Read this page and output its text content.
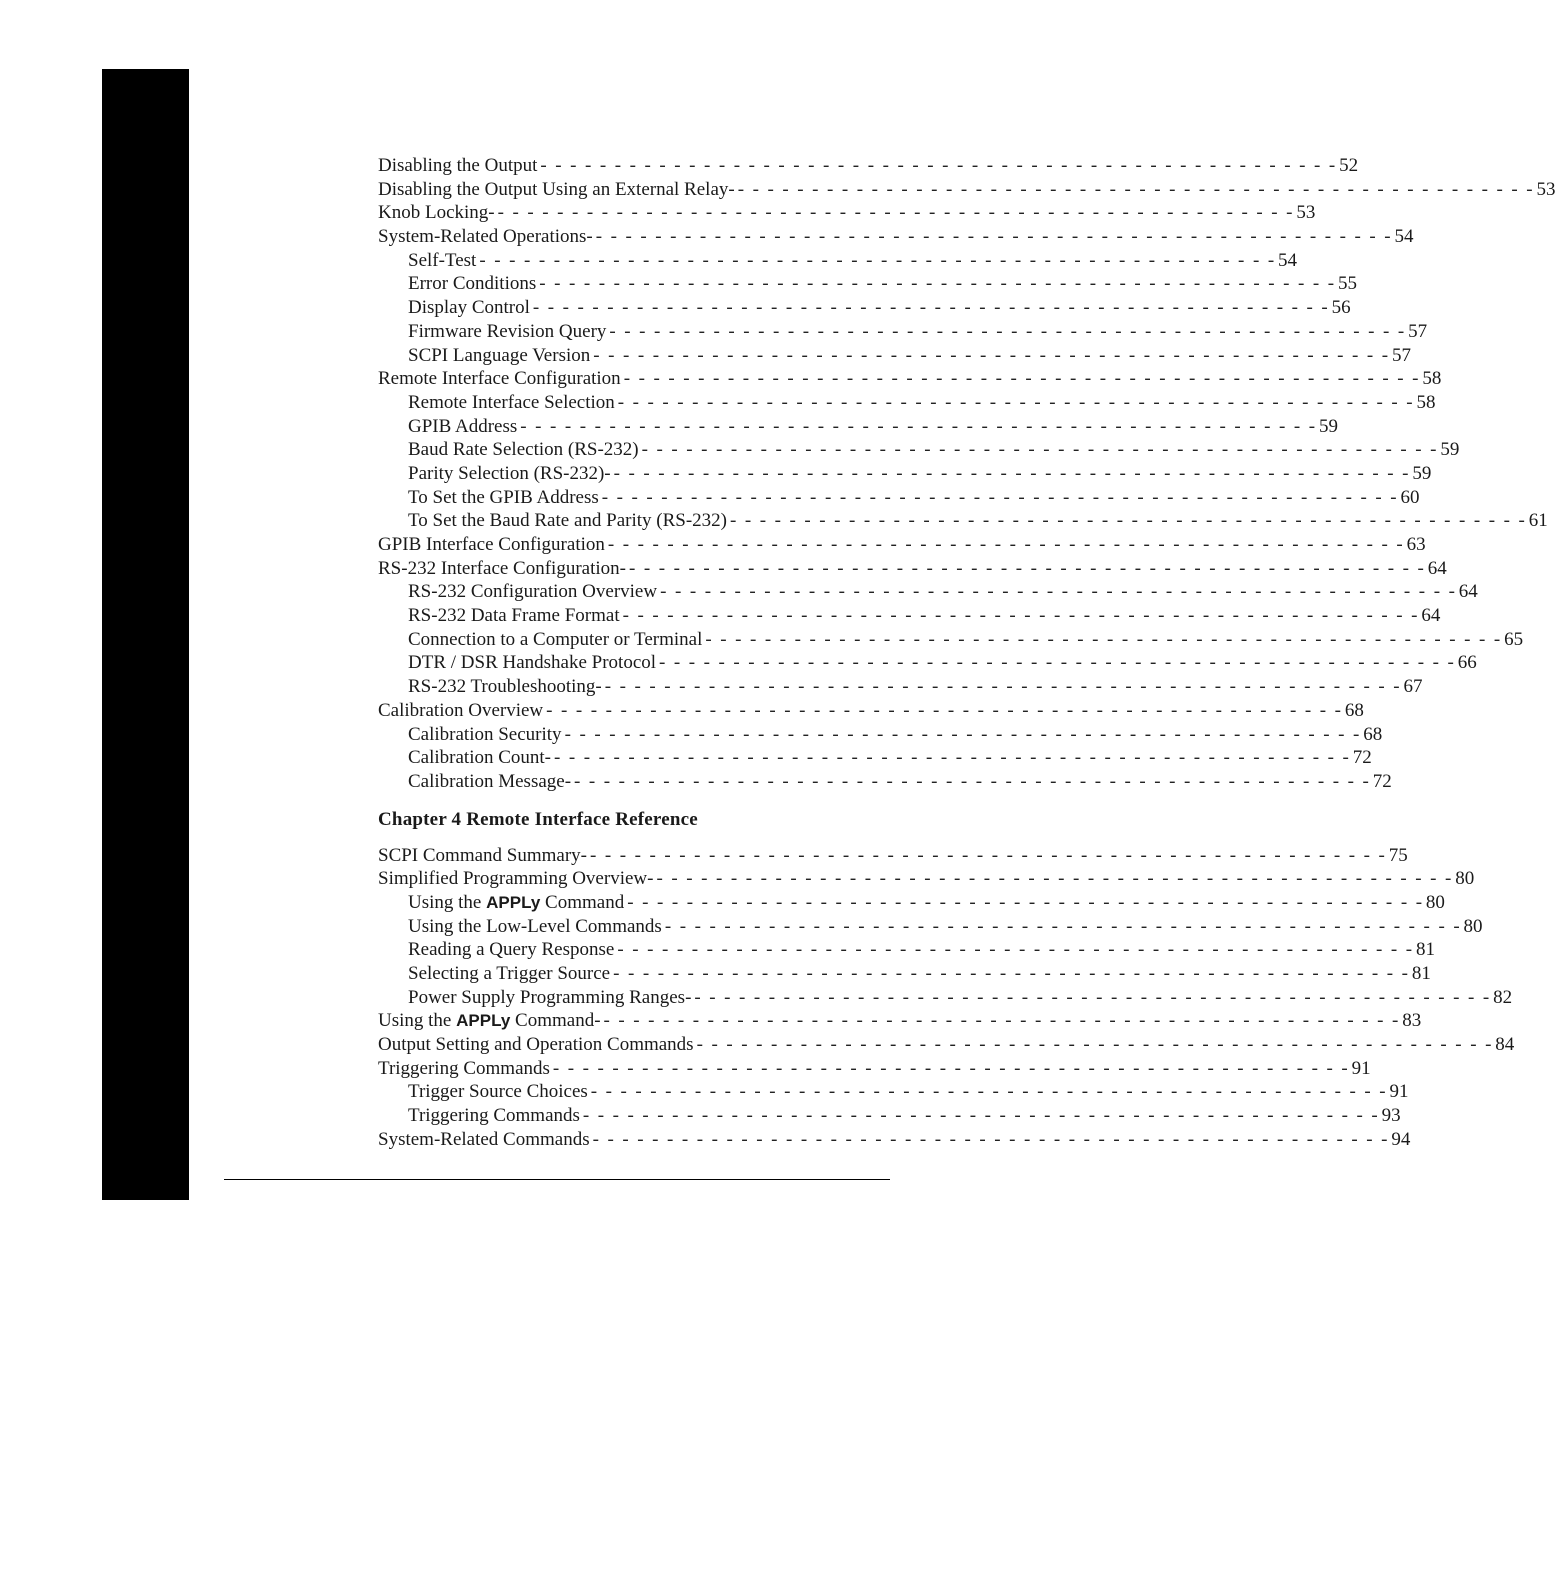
Disabling the Output - - - - - - - - - - - - - - - - - - - - - - - - - - - - - - - - - - - - - - - - - - - - - - - - - - - - - - 52
Disabling the Output Using an External Relay- - - - - - - - - - - - - - - - - - - - - - - - - - - - - - - - - - - - - - - - - - - - - - - - - - - - - - - 53
Knob Locking- - - - - - - - - - - - - - - - - - - - - - - - - - - - - - - - - - - - - - - - - - - - - - - - - - - - - - - 53
System-Related Operations- - - - - - - - - - - - - - - - - - - - - - - - - - - - - - - - - - - - - - - - - - - - - - - - - - - - - - - 54
Self-Test - - - - - - - - - - - - - - - - - - - - - - - - - - - - - - - - - - - - - - - - - - - - - - - - - - - - - - 54
Error Conditions - - - - - - - - - - - - - - - - - - - - - - - - - - - - - - - - - - - - - - - - - - - - - - - - - - - - - - 55
Display Control - - - - - - - - - - - - - - - - - - - - - - - - - - - - - - - - - - - - - - - - - - - - - - - - - - - - - - 56
Firmware Revision Query - - - - - - - - - - - - - - - - - - - - - - - - - - - - - - - - - - - - - - - - - - - - - - - - - - - - - - 57
SCPI Language Version - - - - - - - - - - - - - - - - - - - - - - - - - - - - - - - - - - - - - - - - - - - - - - - - - - - - - - 57
Remote Interface Configuration - - - - - - - - - - - - - - - - - - - - - - - - - - - - - - - - - - - - - - - - - - - - - - - - - - - - - - 58
Remote Interface Selection - - - - - - - - - - - - - - - - - - - - - - - - - - - - - - - - - - - - - - - - - - - - - - - - - - - - - - 58
GPIB Address - - - - - - - - - - - - - - - - - - - - - - - - - - - - - - - - - - - - - - - - - - - - - - - - - - - - - - 59
Baud Rate Selection (RS-232) - - - - - - - - - - - - - - - - - - - - - - - - - - - - - - - - - - - - - - - - - - - - - - - - - - - - - - 59
Parity Selection (RS-232)- - - - - - - - - - - - - - - - - - - - - - - - - - - - - - - - - - - - - - - - - - - - - - - - - - - - - - - 59
To Set the GPIB Address - - - - - - - - - - - - - - - - - - - - - - - - - - - - - - - - - - - - - - - - - - - - - - - - - - - - - - 60
To Set the Baud Rate and Parity (RS-232) - - - - - - - - - - - - - - - - - - - - - - - - - - - - - - - - - - - - - - - - - - - - - - - - - - - - - - 61
GPIB Interface Configuration - - - - - - - - - - - - - - - - - - - - - - - - - - - - - - - - - - - - - - - - - - - - - - - - - - - - - - 63
RS-232 Interface Configuration- - - - - - - - - - - - - - - - - - - - - - - - - - - - - - - - - - - - - - - - - - - - - - - - - - - - - - - 64
RS-232 Configuration Overview - - - - - - - - - - - - - - - - - - - - - - - - - - - - - - - - - - - - - - - - - - - - - - - - - - - - - - 64
RS-232 Data Frame Format - - - - - - - - - - - - - - - - - - - - - - - - - - - - - - - - - - - - - - - - - - - - - - - - - - - - - - 64
Connection to a Computer or Terminal - - - - - - - - - - - - - - - - - - - - - - - - - - - - - - - - - - - - - - - - - - - - - - - - - - - - - - 65
DTR / DSR Handshake Protocol - - - - - - - - - - - - - - - - - - - - - - - - - - - - - - - - - - - - - - - - - - - - - - - - - - - - - - 66
RS-232 Troubleshooting- - - - - - - - - - - - - - - - - - - - - - - - - - - - - - - - - - - - - - - - - - - - - - - - - - - - - - - 67
Calibration Overview - - - - - - - - - - - - - - - - - - - - - - - - - - - - - - - - - - - - - - - - - - - - - - - - - - - - - - 68
Calibration Security - - - - - - - - - - - - - - - - - - - - - - - - - - - - - - - - - - - - - - - - - - - - - - - - - - - - - - 68
Calibration Count- - - - - - - - - - - - - - - - - - - - - - - - - - - - - - - - - - - - - - - - - - - - - - - - - - - - - - - 72
Calibration Message- - - - - - - - - - - - - - - - - - - - - - - - - - - - - - - - - - - - - - - - - - - - - - - - - - - - - - - 72
Chapter 4 Remote Interface Reference
SCPI Command Summary- - - - - - - - - - - - - - - - - - - - - - - - - - - - - - - - - - - - - - - - - - - - - - - - - - - - - - - 75
Simplified Programming Overview- - - - - - - - - - - - - - - - - - - - - - - - - - - - - - - - - - - - - - - - - - - - - - - - - - - - - - - 80
Using the APPLy Command - - - - - - - - - - - - - - - - - - - - - - - - - - - - - - - - - - - - - - - - - - - - - - - - - - - - - - 80
Using the Low-Level Commands - - - - - - - - - - - - - - - - - - - - - - - - - - - - - - - - - - - - - - - - - - - - - - - - - - - - - - 80
Reading a Query Response - - - - - - - - - - - - - - - - - - - - - - - - - - - - - - - - - - - - - - - - - - - - - - - - - - - - - - 81
Selecting a Trigger Source - - - - - - - - - - - - - - - - - - - - - - - - - - - - - - - - - - - - - - - - - - - - - - - - - - - - - - 81
Power Supply Programming Ranges- - - - - - - - - - - - - - - - - - - - - - - - - - - - - - - - - - - - - - - - - - - - - - - - - - - - - - - 82
Using the APPLy Command- - - - - - - - - - - - - - - - - - - - - - - - - - - - - - - - - - - - - - - - - - - - - - - - - - - - - - - 83
Output Setting and Operation Commands - - - - - - - - - - - - - - - - - - - - - - - - - - - - - - - - - - - - - - - - - - - - - - - - - - - - - - 84
Triggering Commands - - - - - - - - - - - - - - - - - - - - - - - - - - - - - - - - - - - - - - - - - - - - - - - - - - - - - - 91
Trigger Source Choices - - - - - - - - - - - - - - - - - - - - - - - - - - - - - - - - - - - - - - - - - - - - - - - - - - - - - - 91
Triggering Commands - - - - - - - - - - - - - - - - - - - - - - - - - - - - - - - - - - - - - - - - - - - - - - - - - - - - - - 93
System-Related Commands - - - - - - - - - - - - - - - - - - - - - - - - - - - - - - - - - - - - - - - - - - - - - - - - - - - - - - 94
